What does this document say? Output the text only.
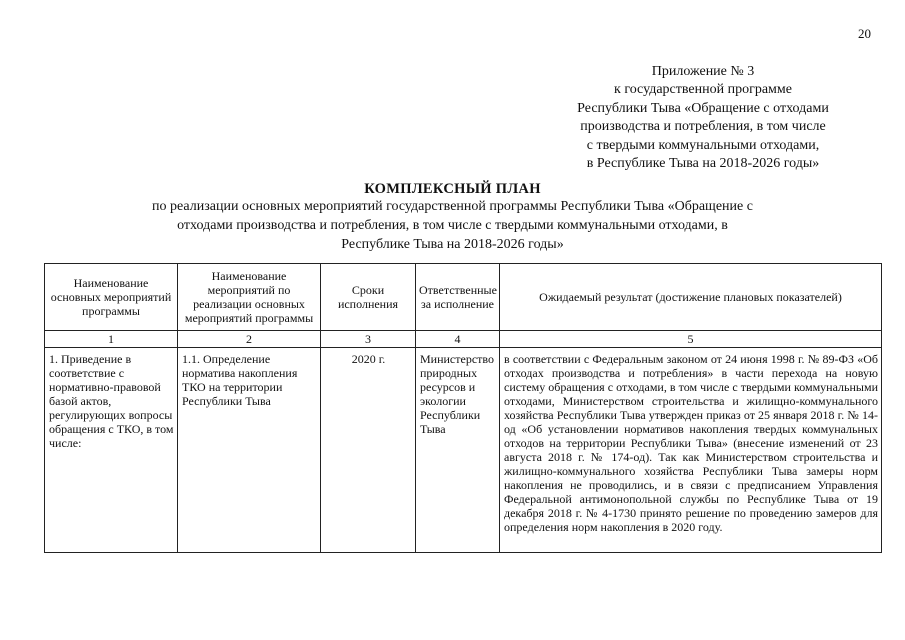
20
Приложение № 3
к государственной программе
Республики Тыва «Обращение с отходами
производства и потребления, в том числе
с твердыми коммунальными отходами,
в Республике Тыва на 2018-2026 годы»
КОМПЛЕКСНЫЙ ПЛАН
по реализации основных мероприятий государственной программы Республики Тыва «Обращение с отходами производства и потребления, в том числе с твердыми коммунальными отходами, в Республике Тыва на 2018-2026 годы»
Наименование основных мероприятий программы	Наименование мероприятий по реализации основных мероприятий программы	Сроки исполнения	Ответственные за исполнение	Ожидаемый результат (достижение плановых показателей)
1	2	3	4	5
1. Приведение в соответствие с нормативно-правовой базой актов, регулирующих вопросы обращения с ТКО, в том числе:	1.1. Определение норматива накопления ТКО на территории Республики Тыва	2020 г.	Министерство природных ресурсов и экологии Республики Тыва	в соответствии с Федеральным законом от 24 июня 1998 г. № 89-ФЗ «Об отходах производства и потребления» в части перехода на новую систему обращения с отходами, в том числе с твердыми коммунальными отходами, Министерством строительства и жилищно-коммунального хозяйства Республики Тыва утвержден приказ от 25 января 2018 г. № 14-од «Об установлении нормативов накопления твердых коммунальных отходов на территории Республики Тыва» (внесение изменений от 23 августа 2018 г. № 174-од). Так как Министерством строительства и жилищно-коммунального хозяйства Республики Тыва замеры норм накопления не проводились, и в связи с предписанием Управления Федеральной антимонопольной службы по Республике Тыва от 19 декабря 2018 г. № 4-1730 принято решение по проведению замеров для определения норм накопления в 2020 году.
